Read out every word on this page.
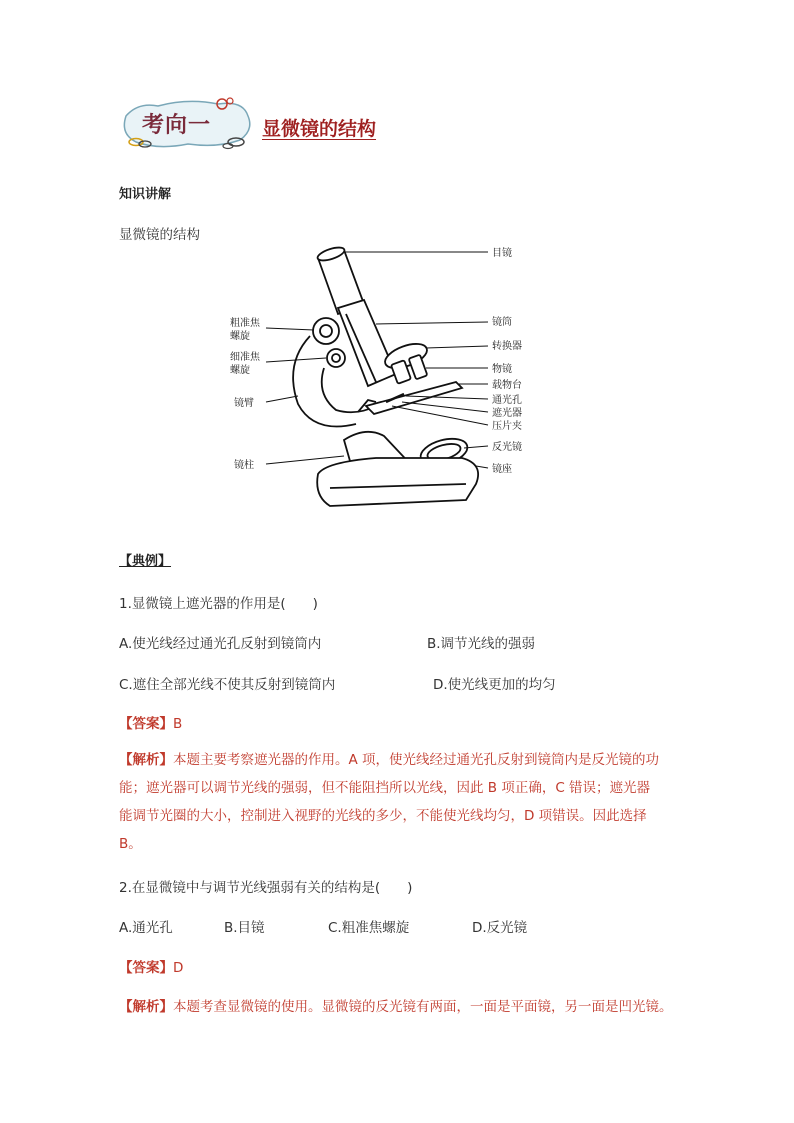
考向一	显微镜的结构
知识讲解
显微镜的结构
目镜
镜筒
转换器
物镜
载物台
通光孔
遮光器
压片夹
反光镜
镜座
粗准焦
螺旋
细准焦
螺旋
镜臂
镜柱
【典例】
1.显微镜上遮光器的作用是(　　)
A.使光线经过通光孔反射到镜筒内	B.调节光线的强弱
C.遮住全部光线不使其反射到镜筒内	D.使光线更加的均匀
【答案】B
【解析】本题主要考察遮光器的作用。A 项，使光线经过通光孔反射到镜筒内是反光镜的功
能；遮光器可以调节光线的强弱，但不能阻挡所以光线，因此 B 项正确，C 错误；遮光器
能调节光圈的大小，控制进入视野的光线的多少，不能使光线均匀，D 项错误。因此选择
B。
2.在显微镜中与调节光线强弱有关的结构是(　　)
A.通光孔	B.目镜	C.粗准焦螺旋	D.反光镜
【答案】D
【解析】本题考查显微镜的使用。显微镜的反光镜有两面，一面是平面镜，另一面是凹光镜。
